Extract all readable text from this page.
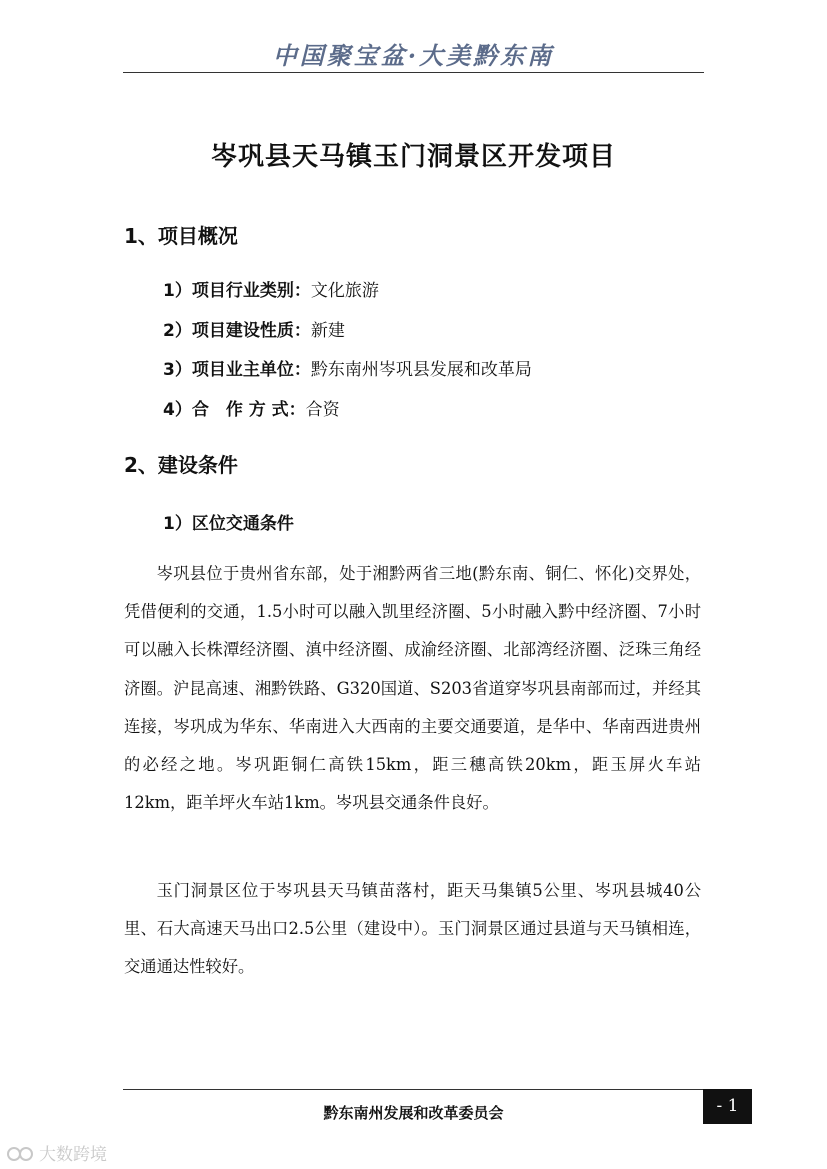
中国聚宝盆·大美黔东南
岑巩县天马镇玉门洞景区开发项目
1、项目概况
1）项目行业类别：文化旅游
2）项目建设性质：新建
3）项目业主单位：黔东南州岑巩县发展和改革局
4）合　作 方 式：合资
2、建设条件
1）区位交通条件

岑巩县位于贵州省东部，处于湘黔两省三地(黔东南、铜仁、怀化)交界处，凭借便利的交通，1.5小时可以融入凯里经济圈、5小时融入黔中经济圈、7小时可以融入长株潭经济圈、滇中经济圈、成渝经济圈、北部湾经济圈、泛珠三角经济圈。沪昆高速、湘黔铁路、G320国道、S203省道穿岑巩县南部而过，并经其连接，岑巩成为华东、华南进入大西南的主要交通要道，是华中、华南西进贵州的必经之地。岑巩距铜仁高铁15km，距三穗高铁20km，距玉屏火车站12km，距羊坪火车站1km。岑巩县交通条件良好。

玉门洞景区位于岑巩县天马镇苗落村，距天马集镇5公里、岑巩县城40公里、石大高速天马出口2.5公里（建设中）。玉门洞景区通过县道与天马镇相连，交通通达性较好。

黔东南州发展和改革委员会	- 1
大数跨境
